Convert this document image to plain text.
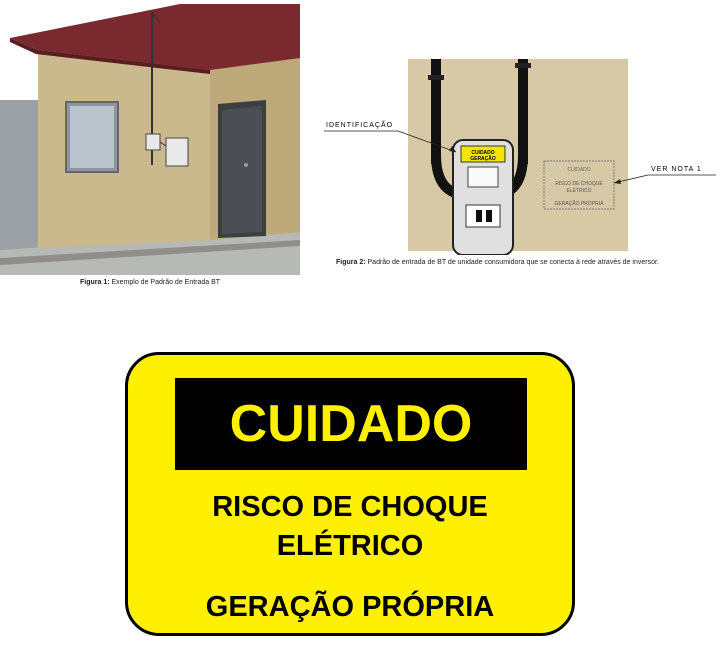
Figura 1: Exemplo de Padrão de Entrada BT
CUIDADO
GERAÇÃO
IDENTIFICAÇÃO
CUIDADO
RISCO DE CHOQUE
ELÉTRICO
GERAÇÃO PRÓPRIA
VER NOTA 1
Figura 2: Padrão de entrada de BT de unidade consumidora que se conecta à rede através de inversor.
CUIDADO
RISCO DE CHOQUE
ELÉTRICO
GERAÇÃO PRÓPRIA
